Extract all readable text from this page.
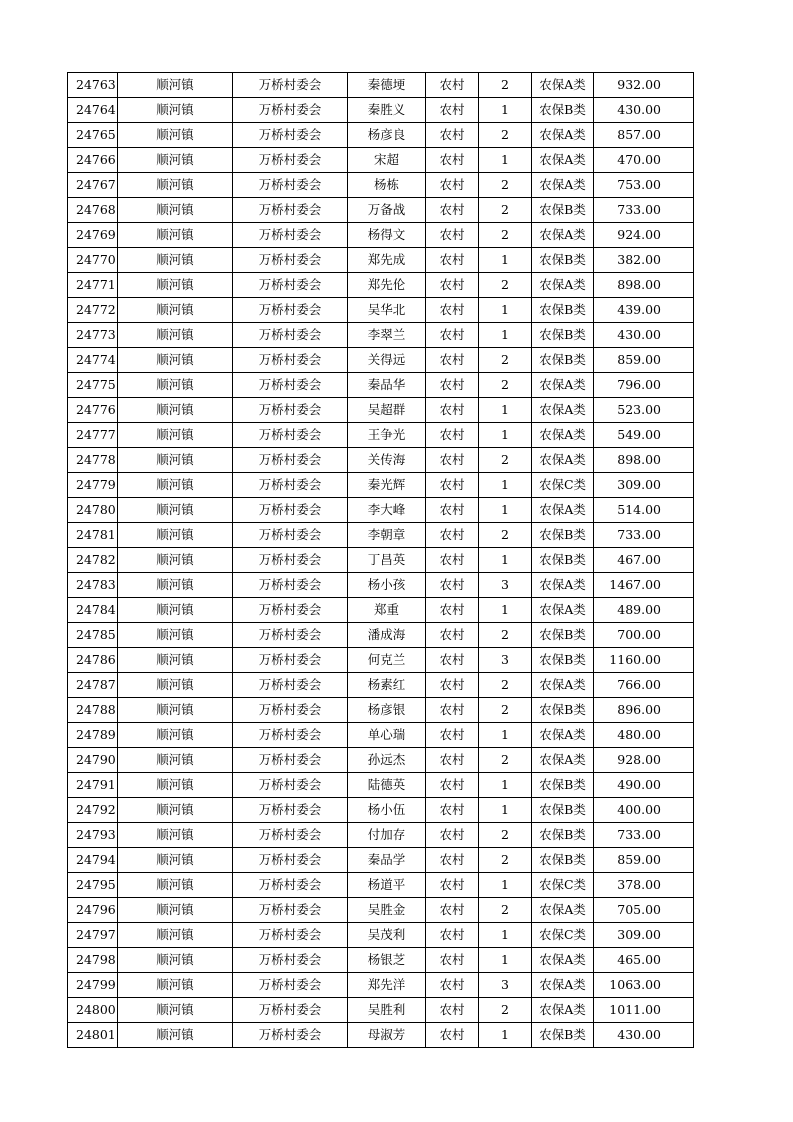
24763	顺河镇	万桥村委会	秦德埂	农村	2	农保A类	932.00
24764	顺河镇	万桥村委会	秦胜义	农村	1	农保B类	430.00
24765	顺河镇	万桥村委会	杨彦良	农村	2	农保A类	857.00
24766	顺河镇	万桥村委会	宋超	农村	1	农保A类	470.00
24767	顺河镇	万桥村委会	杨栋	农村	2	农保A类	753.00
24768	顺河镇	万桥村委会	万备战	农村	2	农保B类	733.00
24769	顺河镇	万桥村委会	杨得文	农村	2	农保A类	924.00
24770	顺河镇	万桥村委会	郑先成	农村	1	农保B类	382.00
24771	顺河镇	万桥村委会	郑先伦	农村	2	农保A类	898.00
24772	顺河镇	万桥村委会	吴华北	农村	1	农保B类	439.00
24773	顺河镇	万桥村委会	李翠兰	农村	1	农保B类	430.00
24774	顺河镇	万桥村委会	关得远	农村	2	农保B类	859.00
24775	顺河镇	万桥村委会	秦品华	农村	2	农保A类	796.00
24776	顺河镇	万桥村委会	吴超群	农村	1	农保A类	523.00
24777	顺河镇	万桥村委会	王争光	农村	1	农保A类	549.00
24778	顺河镇	万桥村委会	关传海	农村	2	农保A类	898.00
24779	顺河镇	万桥村委会	秦光辉	农村	1	农保C类	309.00
24780	顺河镇	万桥村委会	李大峰	农村	1	农保A类	514.00
24781	顺河镇	万桥村委会	李朝章	农村	2	农保B类	733.00
24782	顺河镇	万桥村委会	丁昌英	农村	1	农保B类	467.00
24783	顺河镇	万桥村委会	杨小孩	农村	3	农保A类	1467.00
24784	顺河镇	万桥村委会	郑重	农村	1	农保A类	489.00
24785	顺河镇	万桥村委会	潘成海	农村	2	农保B类	700.00
24786	顺河镇	万桥村委会	何克兰	农村	3	农保B类	1160.00
24787	顺河镇	万桥村委会	杨素红	农村	2	农保A类	766.00
24788	顺河镇	万桥村委会	杨彦银	农村	2	农保B类	896.00
24789	顺河镇	万桥村委会	单心瑞	农村	1	农保A类	480.00
24790	顺河镇	万桥村委会	孙远杰	农村	2	农保A类	928.00
24791	顺河镇	万桥村委会	陆德英	农村	1	农保B类	490.00
24792	顺河镇	万桥村委会	杨小伍	农村	1	农保B类	400.00
24793	顺河镇	万桥村委会	付加存	农村	2	农保B类	733.00
24794	顺河镇	万桥村委会	秦品学	农村	2	农保B类	859.00
24795	顺河镇	万桥村委会	杨道平	农村	1	农保C类	378.00
24796	顺河镇	万桥村委会	吴胜金	农村	2	农保A类	705.00
24797	顺河镇	万桥村委会	吴茂利	农村	1	农保C类	309.00
24798	顺河镇	万桥村委会	杨银芝	农村	1	农保A类	465.00
24799	顺河镇	万桥村委会	郑先洋	农村	3	农保A类	1063.00
24800	顺河镇	万桥村委会	吴胜利	农村	2	农保A类	1011.00
24801	顺河镇	万桥村委会	母淑芳	农村	1	农保B类	430.00
